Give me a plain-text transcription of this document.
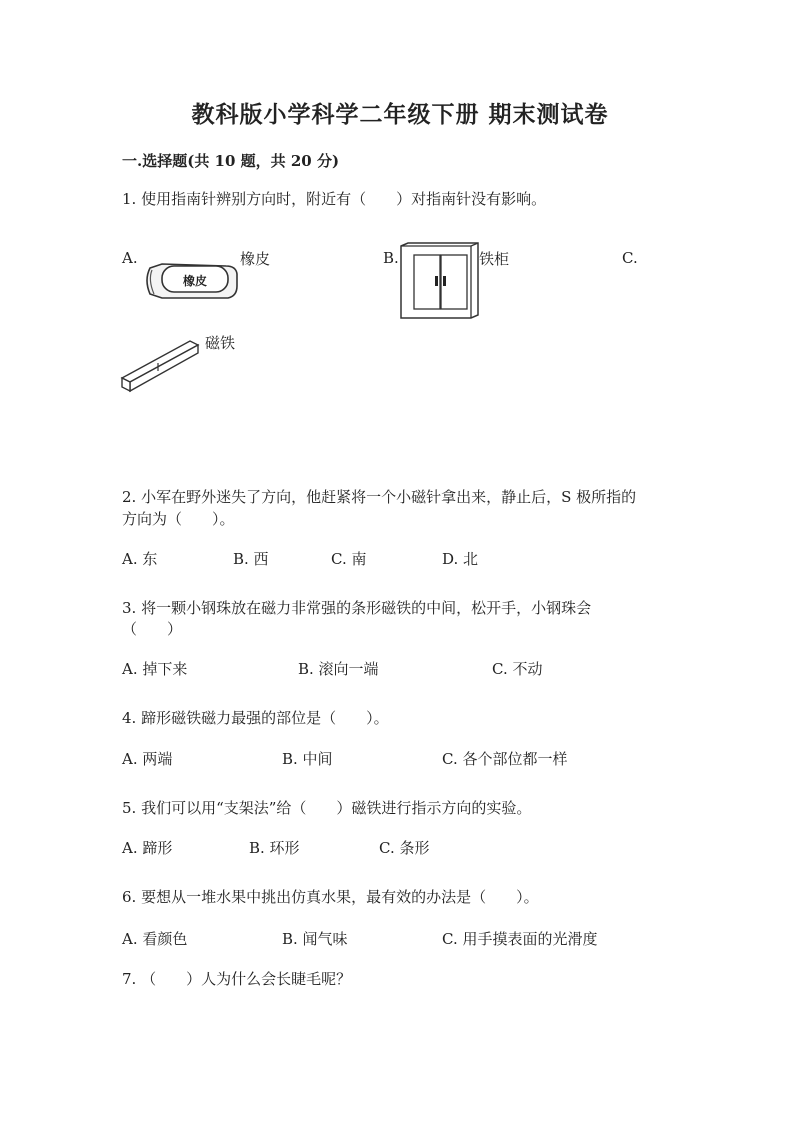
教科版小学科学二年级下册 期末测试卷
一.选择题(共 10 题，共 20 分)
1. 使用指南针辨别方向时，附近有（　　）对指南针没有影响。
A.	橡皮
橡皮
B.	铁柜	C.
磁铁
2. 小军在野外迷失了方向，他赶紧将一个小磁针拿出来，静止后，S 极所指的
方向为（　　）。
A. 东	B. 西	C. 南	D. 北
3. 将一颗小钢珠放在磁力非常强的条形磁铁的中间，松开手，小钢珠会
（　　）
A. 掉下来	B. 滚向一端	C. 不动
4. 蹄形磁铁磁力最强的部位是（　　）。
A. 两端	B. 中间	C. 各个部位都一样
5. 我们可以用“支架法”给（　　）磁铁进行指示方向的实验。
A. 蹄形	B. 环形	C. 条形
6. 要想从一堆水果中挑出仿真水果，最有效的办法是（　　）。
A. 看颜色	B. 闻气味	C. 用手摸表面的光滑度
7. （　　）人为什么会长睫毛呢？
